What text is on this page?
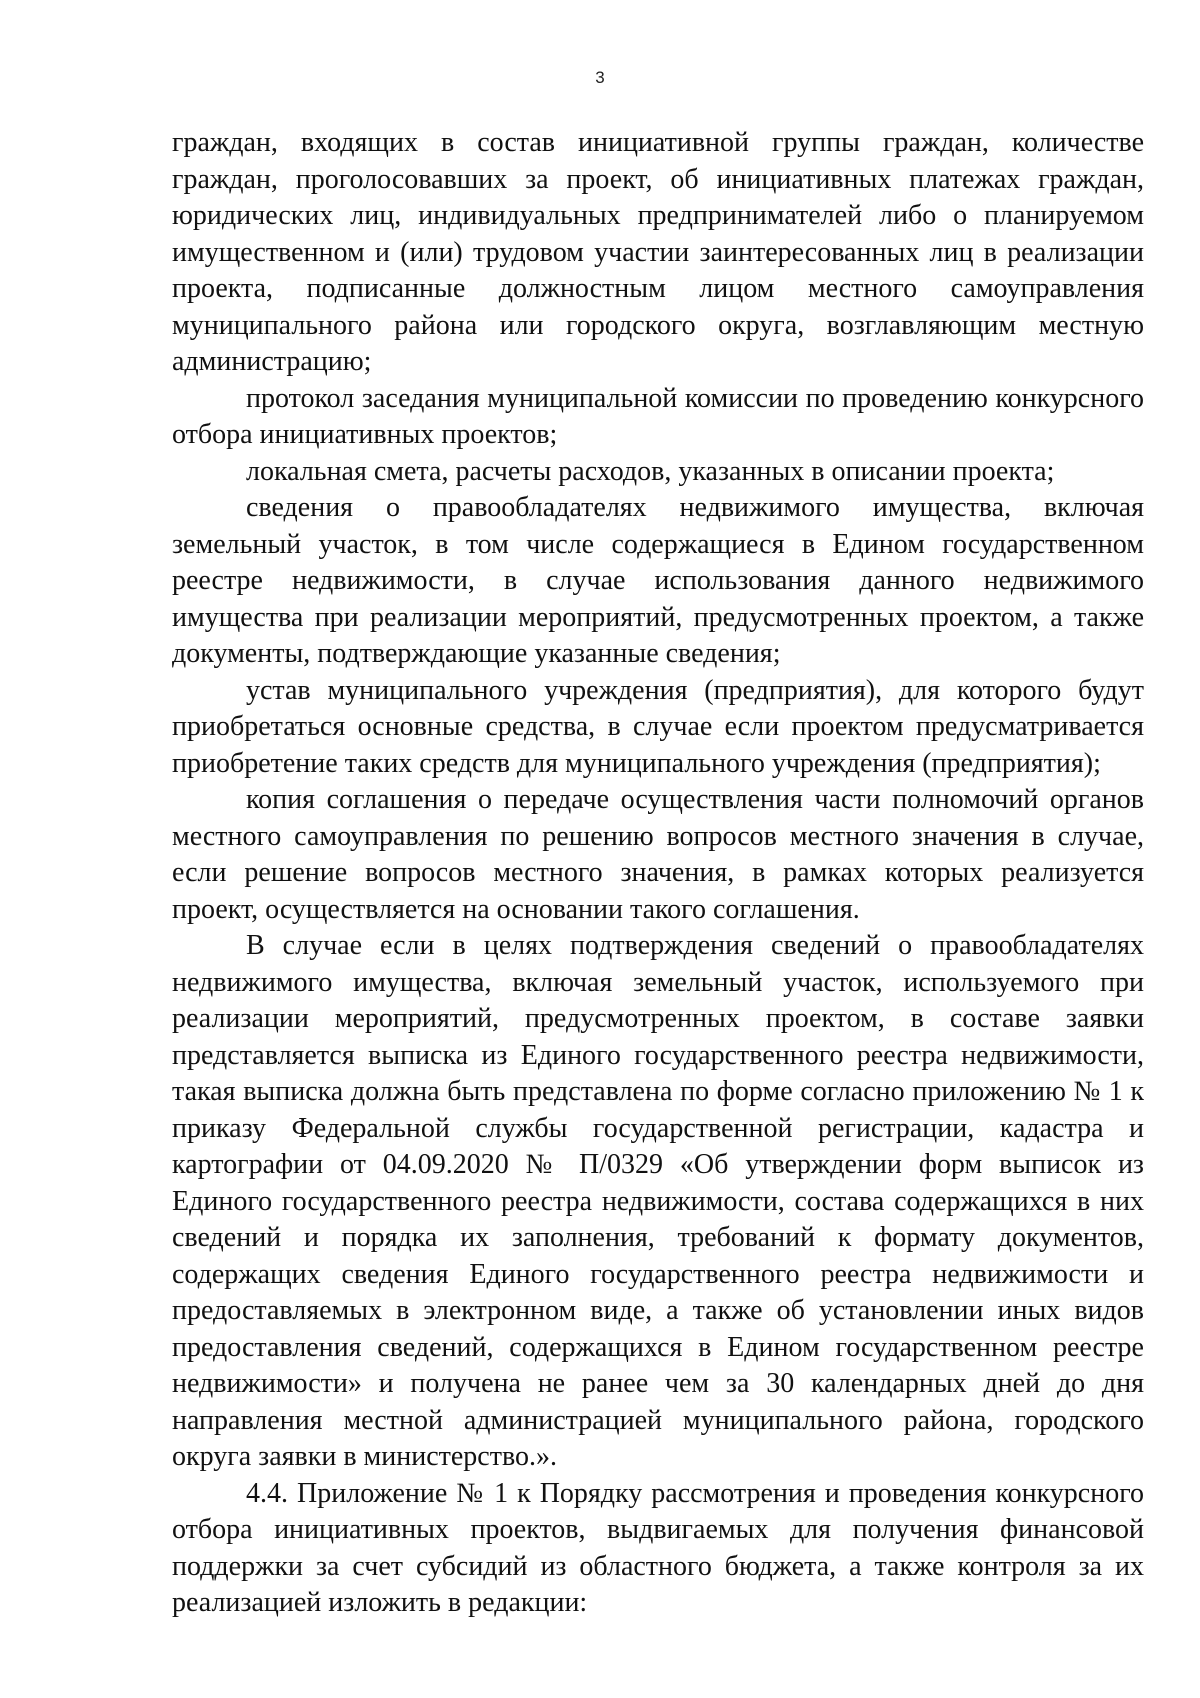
3

граждан, входящих в состав инициативной группы граждан, количестве граждан, проголосовавших за проект, об инициативных платежах граждан, юридических лиц, индивидуальных предпринимателей либо о планируемом имущественном и (или) трудовом участии заинтересованных лиц в реализации проекта, подписанные должностным лицом местного самоуправления муниципального района или городского округа, возглавляющим местную администрацию;

протокол заседания муниципальной комиссии по проведению конкурсного отбора инициативных проектов;

локальная смета, расчеты расходов, указанных в описании проекта;

сведения о правообладателях недвижимого имущества, включая земельный участок, в том числе содержащиеся в Едином государственном реестре недвижимости, в случае использования данного недвижимого имущества при реализации мероприятий, предусмотренных проектом, а также документы, подтверждающие указанные сведения;

устав муниципального учреждения (предприятия), для которого будут приобретаться основные средства, в случае если проектом предусматривается приобретение таких средств для муниципального учреждения (предприятия);

копия соглашения о передаче осуществления части полномочий органов местного самоуправления по решению вопросов местного значения в случае, если решение вопросов местного значения, в рамках которых реализуется проект, осуществляется на основании такого соглашения.

В случае если в целях подтверждения сведений о правообладателях недвижимого имущества, включая земельный участок, используемого при реализации мероприятий, предусмотренных проектом, в составе заявки представляется выписка из Единого государственного реестра недвижимости, такая выписка должна быть представлена по форме согласно приложению № 1 к приказу Федеральной службы государственной регистрации, кадастра и картографии от 04.09.2020 № П/0329 «Об утверждении форм выписок из Единого государственного реестра недвижимости, состава содержащихся в них сведений и порядка их заполнения, требований к формату документов, содержащих сведения Единого государственного реестра недвижимости и предоставляемых в электронном виде, а также об установлении иных видов предоставления сведений, содержащихся в Едином государственном реестре недвижимости» и получена не ранее чем за 30 календарных дней до дня направления местной администрацией муниципального района, городского округа заявки в министерство.».

4.4. Приложение № 1 к Порядку рассмотрения и проведения конкурсного отбора инициативных проектов, выдвигаемых для получения финансовой поддержки за счет субсидий из областного бюджета, а также контроля за их реализацией изложить в редакции:
